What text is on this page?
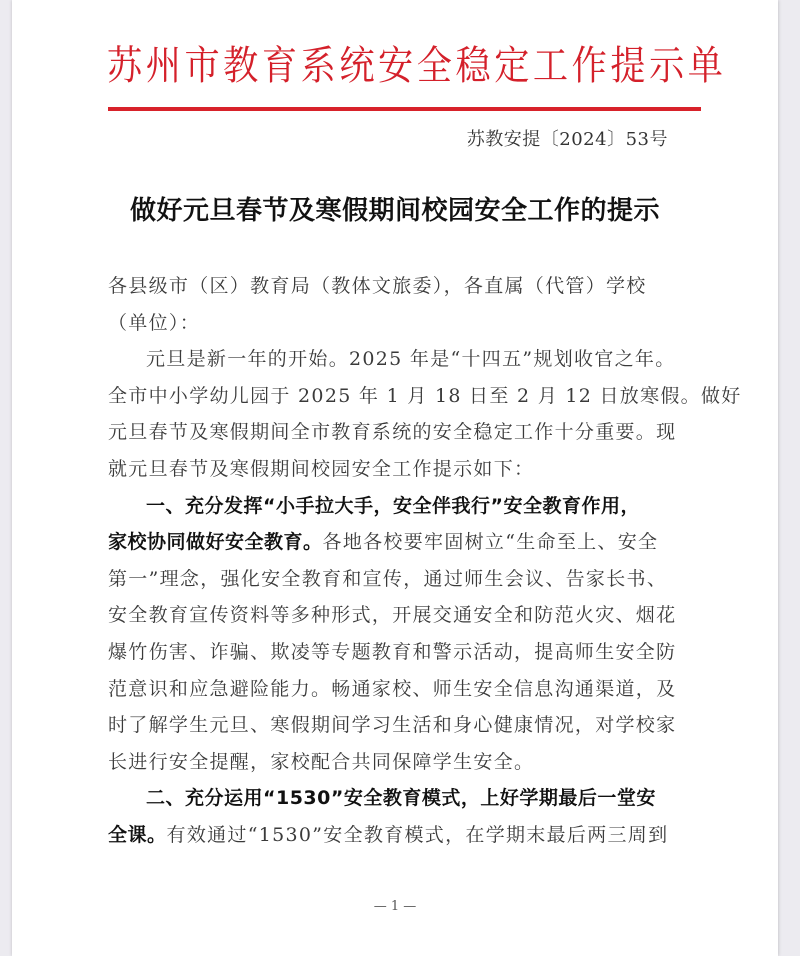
苏州市教育系统安全稳定工作提示单
苏教安提〔2024〕53号
做好元旦春节及寒假期间校园安全工作的提示
各县级市（区）教育局（教体文旅委），各直属（代管）学校
（单位）：
元旦是新一年的开始。2025 年是“十四五”规划收官之年。
全市中小学幼儿园于 2025 年 1 月 18 日至 2 月 12 日放寒假。做好
元旦春节及寒假期间全市教育系统的安全稳定工作十分重要。现
就元旦春节及寒假期间校园安全工作提示如下：
一、充分发挥“小手拉大手，安全伴我行”安全教育作用，
家校协同做好安全教育。各地各校要牢固树立“生命至上、安全
第一”理念，强化安全教育和宣传，通过师生会议、告家长书、
安全教育宣传资料等多种形式，开展交通安全和防范火灾、烟花
爆竹伤害、诈骗、欺凌等专题教育和警示活动，提高师生安全防
范意识和应急避险能力。畅通家校、师生安全信息沟通渠道，及
时了解学生元旦、寒假期间学习生活和身心健康情况，对学校家
长进行安全提醒，家校配合共同保障学生安全。
二、充分运用“1530”安全教育模式，上好学期最后一堂安
全课。有效通过“1530”安全教育模式，在学期末最后两三周到
— 1 —
